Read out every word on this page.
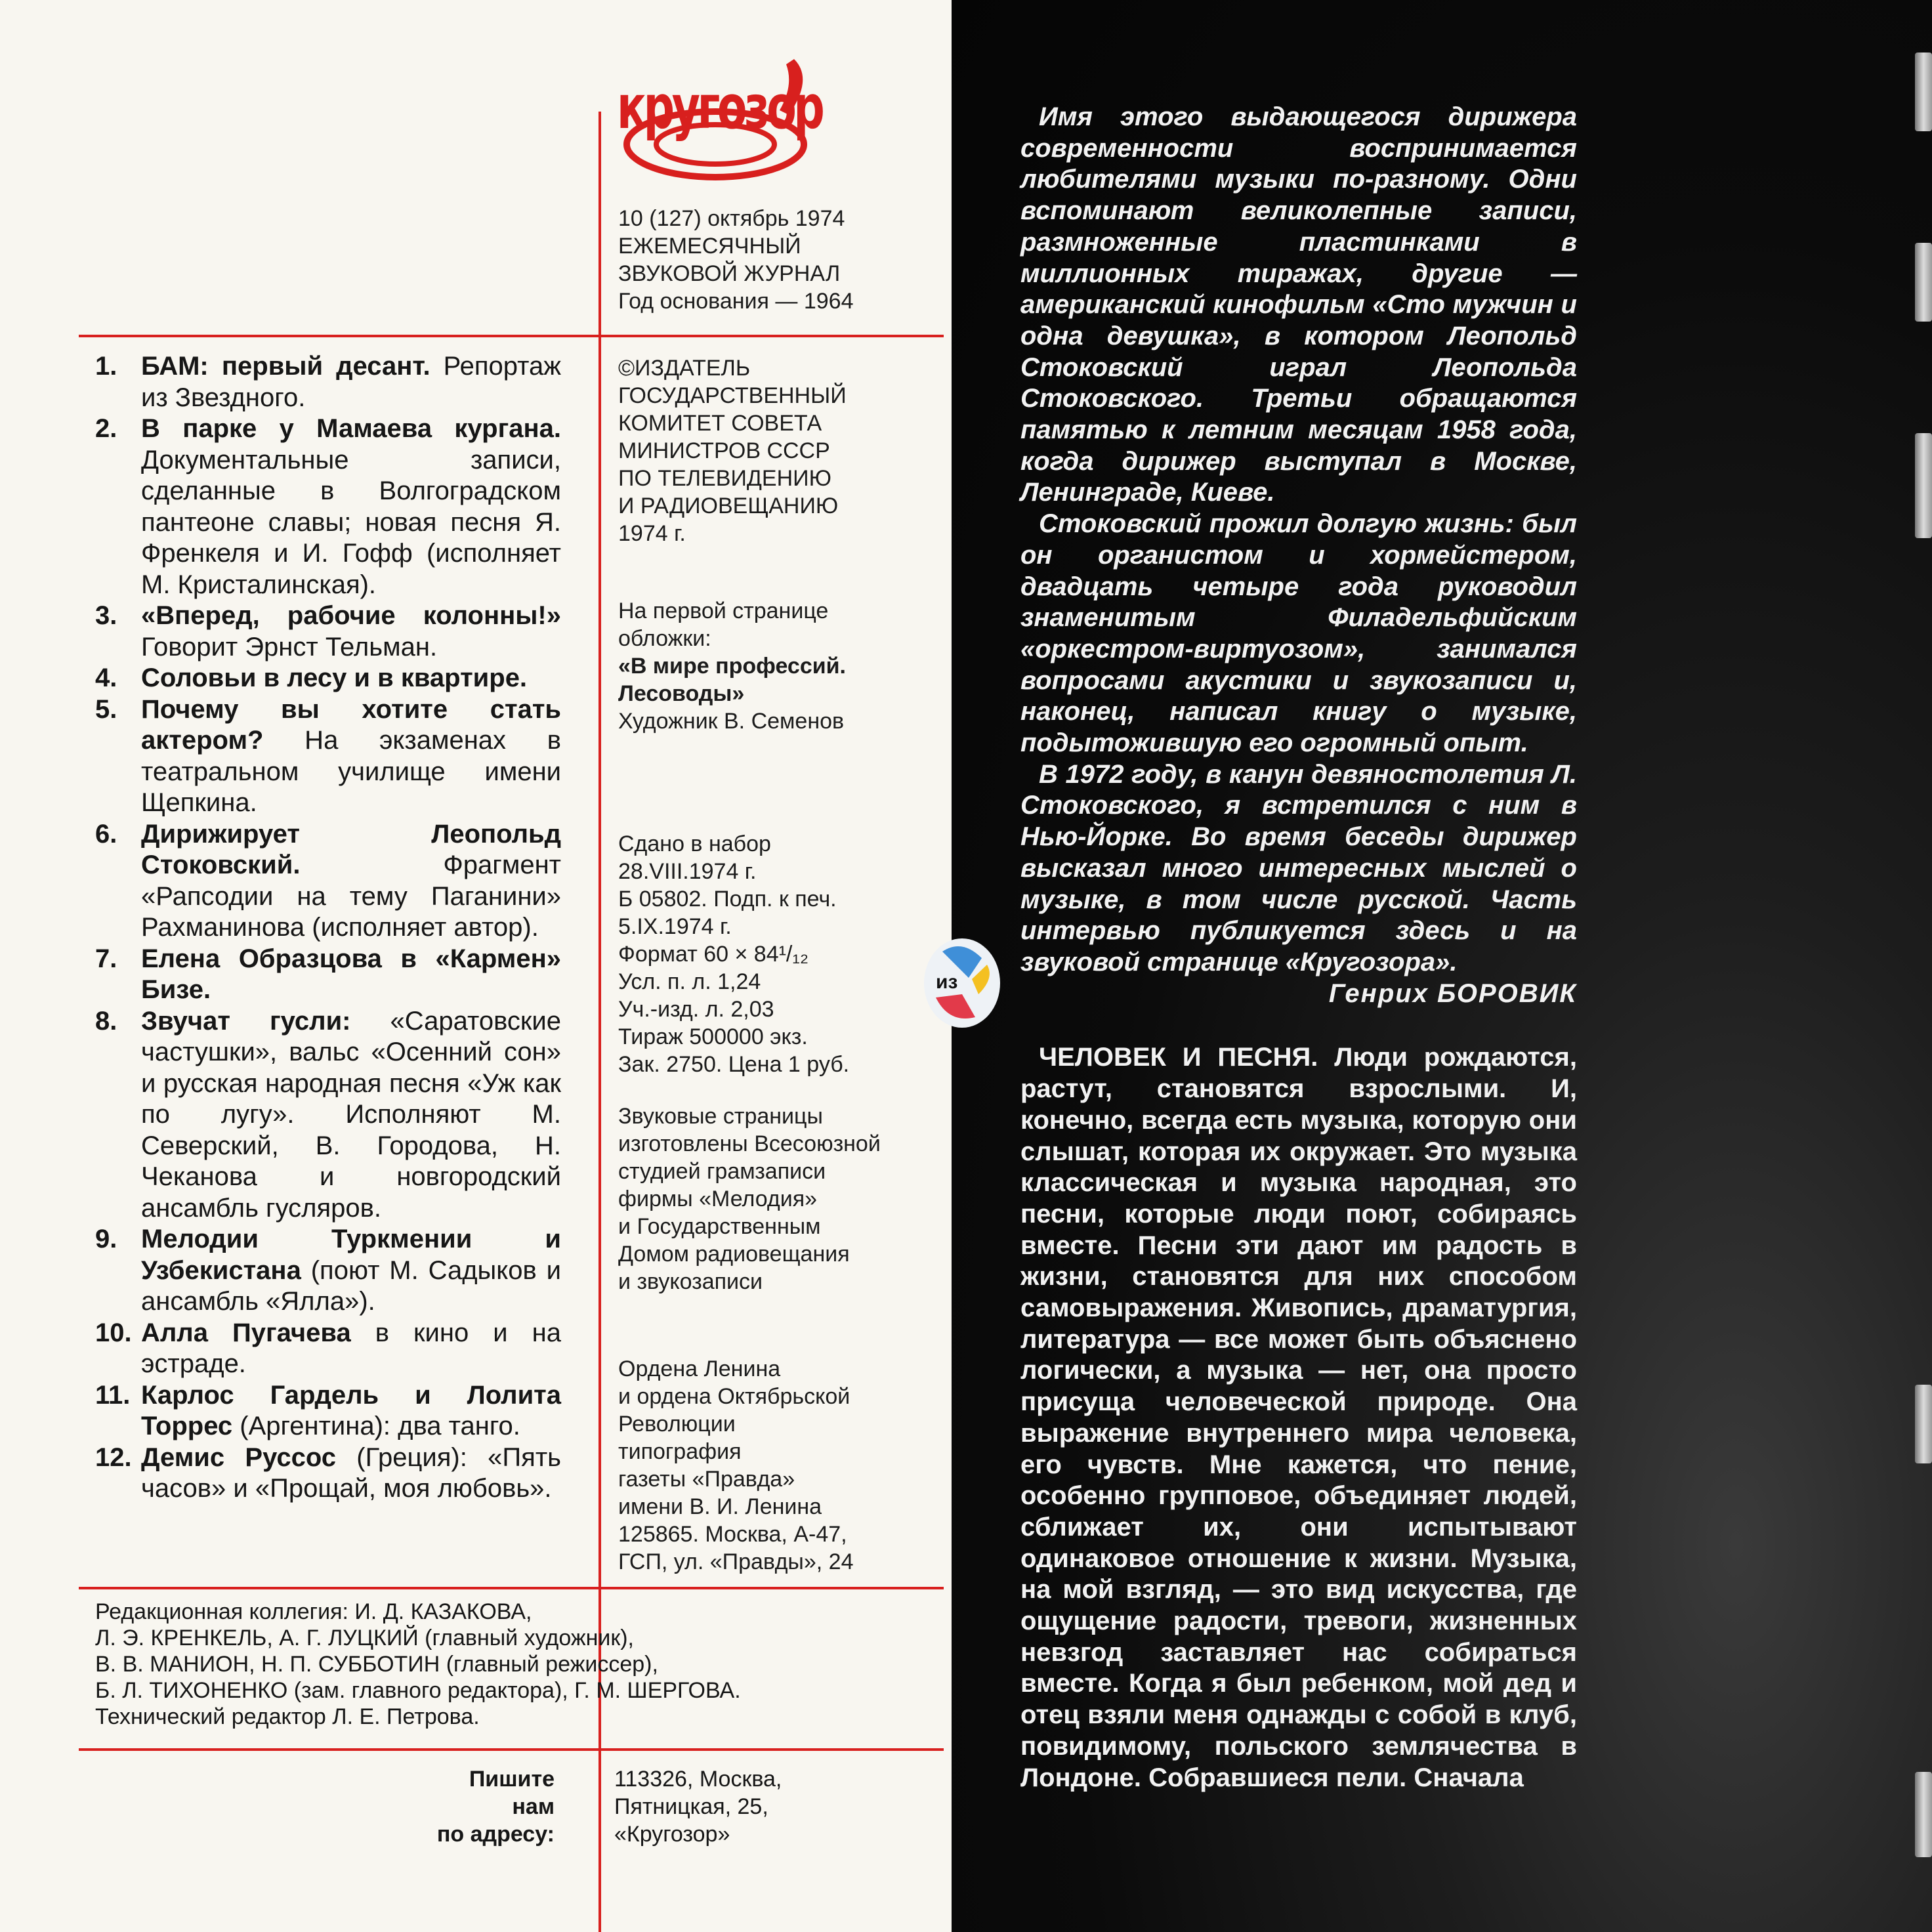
кругозор
10 (127) октябрь 1974
ЕЖЕМЕСЯЧНЫЙ
ЗВУКОВОЙ ЖУРНАЛ
Год основания — 1964
©ИЗДАТЕЛЬ
ГОСУДАРСТВЕННЫЙ
КОМИТЕТ СОВЕТА
МИНИСТРОВ СССР
ПО ТЕЛЕВИДЕНИЮ
И РАДИОВЕЩАНИЮ
1974 г.
На первой странице
обложки:
«В мире профессий.
Лесоводы»
Художник В. Семенов
Сдано в набор
28.VIII.1974 г.
Б 05802. Подп. к печ.
5.IX.1974 г.
Формат 60 × 84¹/₁₂
Усл. п. л. 1,24
Уч.-изд. л. 2,03
Тираж 500000 экз.
Зак. 2750. Цена 1 руб.
Звуковые страницы
изготовлены Всесоюзной
студией грамзаписи
фирмы «Мелодия»
и Государственным
Домом радиовещания
и звукозаписи
Ордена Ленина
и ордена Октябрьской
Революции
типография
газеты «Правда»
имени В. И. Ленина
125865. Москва, А-47,
ГСП, ул. «Правды», 24
1. БАМ: первый десант. Репортаж из Звездного.
2. В парке у Мамаева кургана. Документальные записи, сделанные в Волгоградском пантеоне славы; новая песня Я. Френкеля и И. Гофф (исполняет М. Кристалинская).
3. «Вперед, рабочие колонны!» Говорит Эрнст Тельман.
4. Соловьи в лесу и в квартире.
5. Почему вы хотите стать актером? На экзаменах в театральном училище имени Щепкина.
6. Дирижирует Леопольд Стоковский. Фрагмент «Рапсодии на тему Паганини» Рахманинова (исполняет автор).
7. Елена Образцова в «Кармен» Бизе.
8. Звучат гусли: «Саратовские частушки», вальс «Осенний сон» и русская народная песня «Уж как по лугу». Исполняют М. Северский, В. Городова, Н. Чеканова и новгородский ансамбль гусляров.
9. Мелодии Туркмении и Узбекистана (поют М. Садыков и ансамбль «Ялла»).
10. Алла Пугачева в кино и на эстраде.
11. Карлос Гардель и Лолита Торрес (Аргентина): два танго.
12. Демис Руссос (Греция): «Пять часов» и «Прощай, моя любовь».
Редакционная коллегия: И. Д. КАЗАКОВА,
Л. Э. КРЕНКЕЛЬ, А. Г. ЛУЦКИЙ (главный художник),
В. В. МАНИОН, Н. П. СУББОТИН (главный режиссер),
Б. Л. ТИХОНЕНКО (зам. главного редактора), Г. М. ШЕРГОВА.
Технический редактор Л. Е. Петрова.
Пишите
нам
по адресу:
113326, Москва,
Пятницкая, 25,
«Кругозор»

Имя этого выдающегося дирижера современности воспринимается любителями музыки по-разному. Одни вспоминают великолепные записи, размноженные пластинками в миллионных тиражах, другие — американский кинофильм «Сто мужчин и одна девушка», в котором Леопольд Стоковский играл Леопольда Стоковского. Третьи обращаются памятью к летним месяцам 1958 года, когда дирижер выступал в Москве, Ленинграде, Киеве.

Стоковский прожил долгую жизнь: был он органистом и хормейстером, двадцать четыре года руководил знаменитым Филадельфийским «оркестром-виртуозом», занимался вопросами акустики и звукозаписи и, наконец, написал книгу о музыке, подытожившую его огромный опыт.

В 1972 году, в канун девяностолетия Л. Стоковского, я встретился с ним в Нью-Йорке. Во время беседы дирижер высказал много интересных мыслей о музыке, в том числе русской. Часть интервью публикуется здесь и на звуковой странице «Кругозора».

Генрих БОРОВИК

ЧЕЛОВЕК И ПЕСНЯ. Люди рождаются, растут, становятся взрослыми. И, конечно, всегда есть музыка, которую они слышат, которая их окружает. Это музыка классическая и музыка народная, это песни, которые люди поют, собираясь вместе. Песни эти дают им радость в жизни, становятся для них способом самовыражения. Живопись, драматургия, литература — все может быть объяснено логически, а музыка — нет, она просто присуща человеческой природе. Она выражение внутреннего мира человека, его чувств. Мне кажется, что пение, особенно групповое, объединяет людей, сближает их, они испытывают одинаковое отношение к жизни. Музыка, на мой взгляд, — это вид искусства, где ощущение радости, тревоги, жизненных невзгод заставляет нас собираться вместе. Когда я был ребенком, мой дед и отец взяли меня однажды с собой в клуб, повидимому, польского землячества в Лондоне. Собравшиеся пели. Сначала

из
